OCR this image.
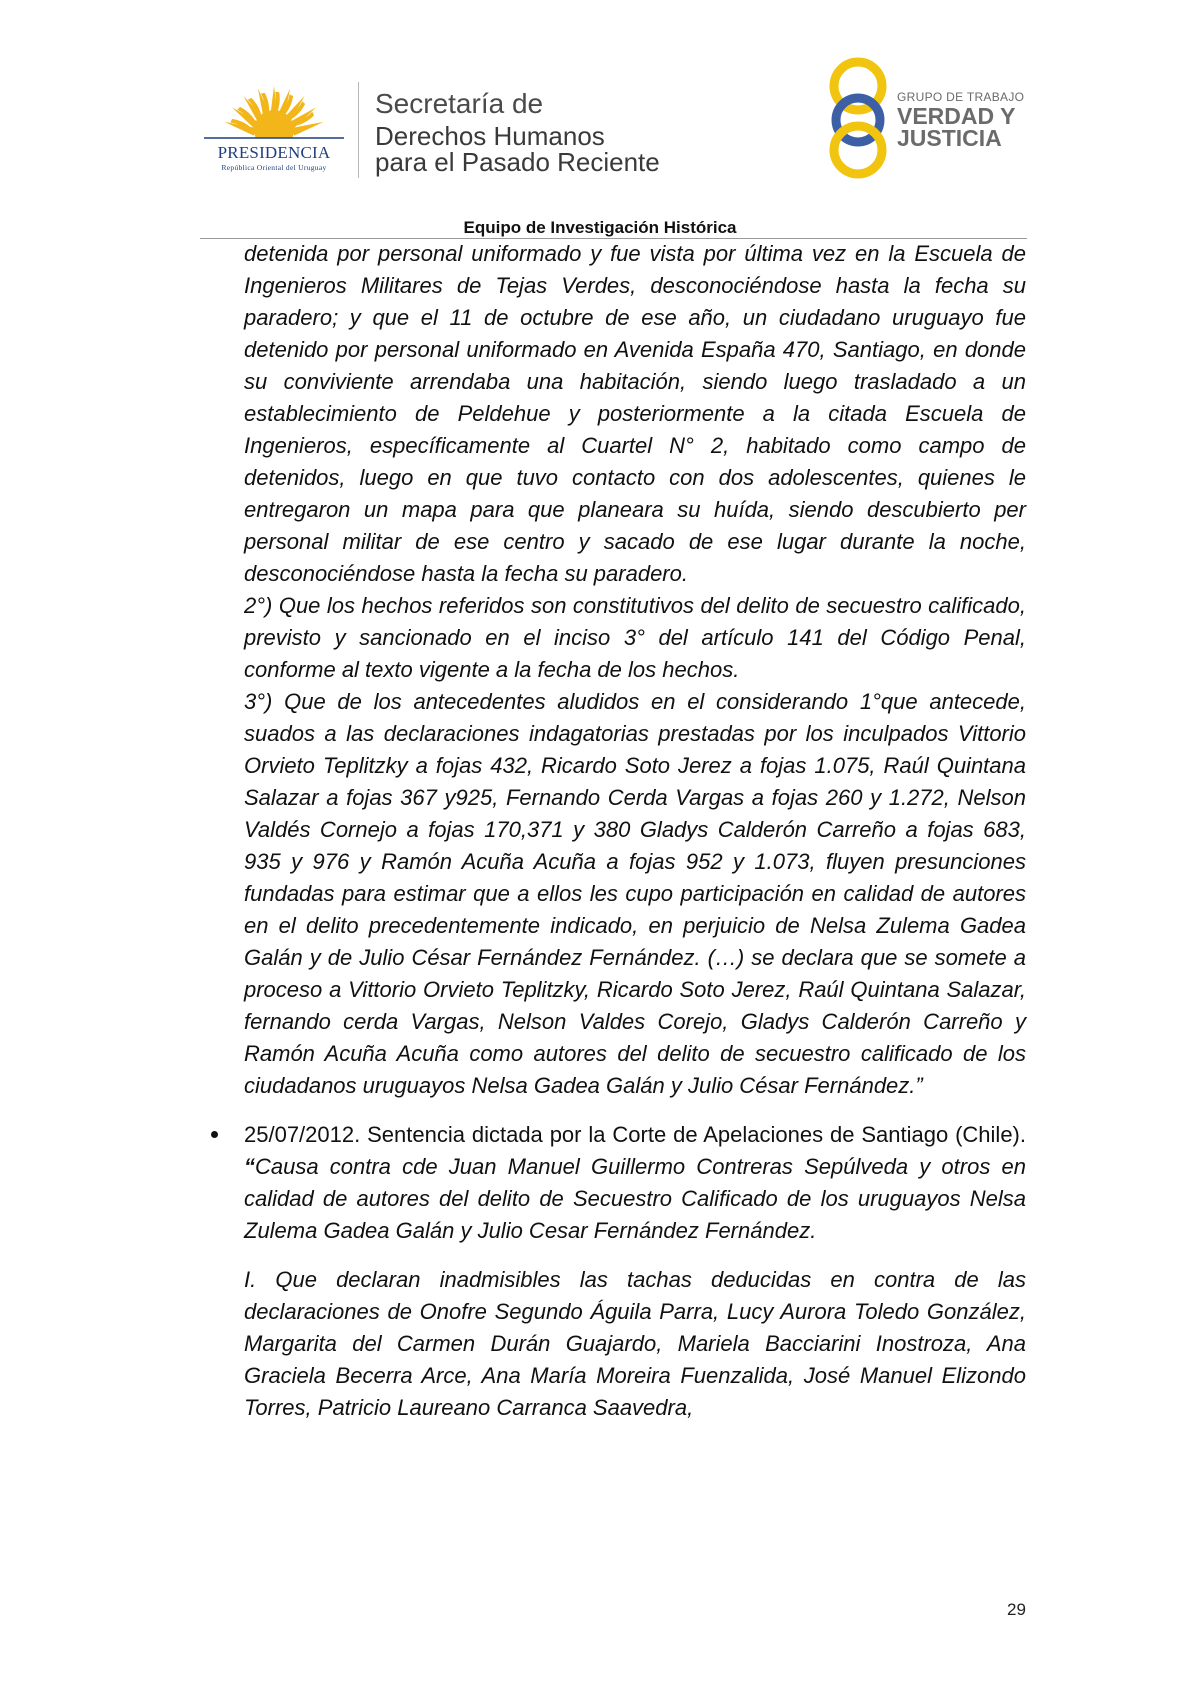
PRESIDENCIA
República Oriental del Uruguay
Secretaría de
Derechos Humanos
para el Pasado Reciente
GRUPO DE TRABAJO
VERDAD Y
JUSTICIA
Equipo de Investigación Histórica

detenida por personal uniformado y fue vista por última vez en la Escuela de Ingenieros Militares de Tejas Verdes, desconociéndose hasta la fecha su paradero; y que el 11 de octubre de ese año, un ciudadano uruguayo fue detenido por personal uniformado en Avenida España 470, Santiago, en donde su conviviente arrendaba una habitación, siendo luego trasladado a un establecimiento de Peldehue y posteriormente a la citada Escuela de Ingenieros, específicamente al Cuartel N° 2, habitado como campo de detenidos, luego en que tuvo contacto con dos adolescentes, quienes le entregaron un mapa para que planeara su huída, siendo descubierto per personal militar de ese centro y sacado de ese lugar durante la noche, desconociéndose hasta la fecha su paradero.

2°) Que los hechos referidos son constitutivos del delito de secuestro calificado, previsto y sancionado en el inciso 3° del artículo 141 del Código Penal, conforme al texto vigente a la fecha de los hechos.

3°) Que de los antecedentes aludidos en el considerando 1°que antecede, suados a las declaraciones indagatorias prestadas por los inculpados Vittorio Orvieto Teplitzky a fojas 432, Ricardo Soto Jerez a fojas 1.075, Raúl Quintana Salazar a fojas 367 y925, Fernando Cerda Vargas a fojas 260 y 1.272, Nelson Valdés Cornejo a fojas 170,371 y 380 Gladys Calderón Carreño a fojas 683, 935 y 976 y Ramón Acuña Acuña a fojas 952 y 1.073, fluyen presunciones fundadas para estimar que a ellos les cupo participación en calidad de autores en el delito precedentemente indicado, en perjuicio de Nelsa Zulema Gadea Galán y de Julio César Fernández Fernández. (…) se declara que se somete a proceso a Vittorio Orvieto Teplitzky, Ricardo Soto Jerez, Raúl Quintana Salazar, fernando cerda Vargas, Nelson Valdes Corejo, Gladys Calderón Carreño y Ramón Acuña Acuña como autores del delito de secuestro calificado de los ciudadanos uruguayos Nelsa Gadea Galán y Julio César Fernández.”

25/07/2012. Sentencia dictada por la Corte de Apelaciones de Santiago (Chile). “Causa contra cde Juan Manuel Guillermo Contreras Sepúlveda y otros en calidad de autores del delito de Secuestro Calificado de los uruguayos Nelsa Zulema Gadea Galán y Julio Cesar Fernández Fernández.

I. Que declaran inadmisibles las tachas deducidas en contra de las declaraciones de Onofre Segundo Águila Parra, Lucy Aurora Toledo González, Margarita del Carmen Durán Guajardo, Mariela Bacciarini Inostroza, Ana Graciela Becerra Arce, Ana María Moreira Fuenzalida, José Manuel Elizondo Torres, Patricio Laureano Carranca Saavedra,

29
